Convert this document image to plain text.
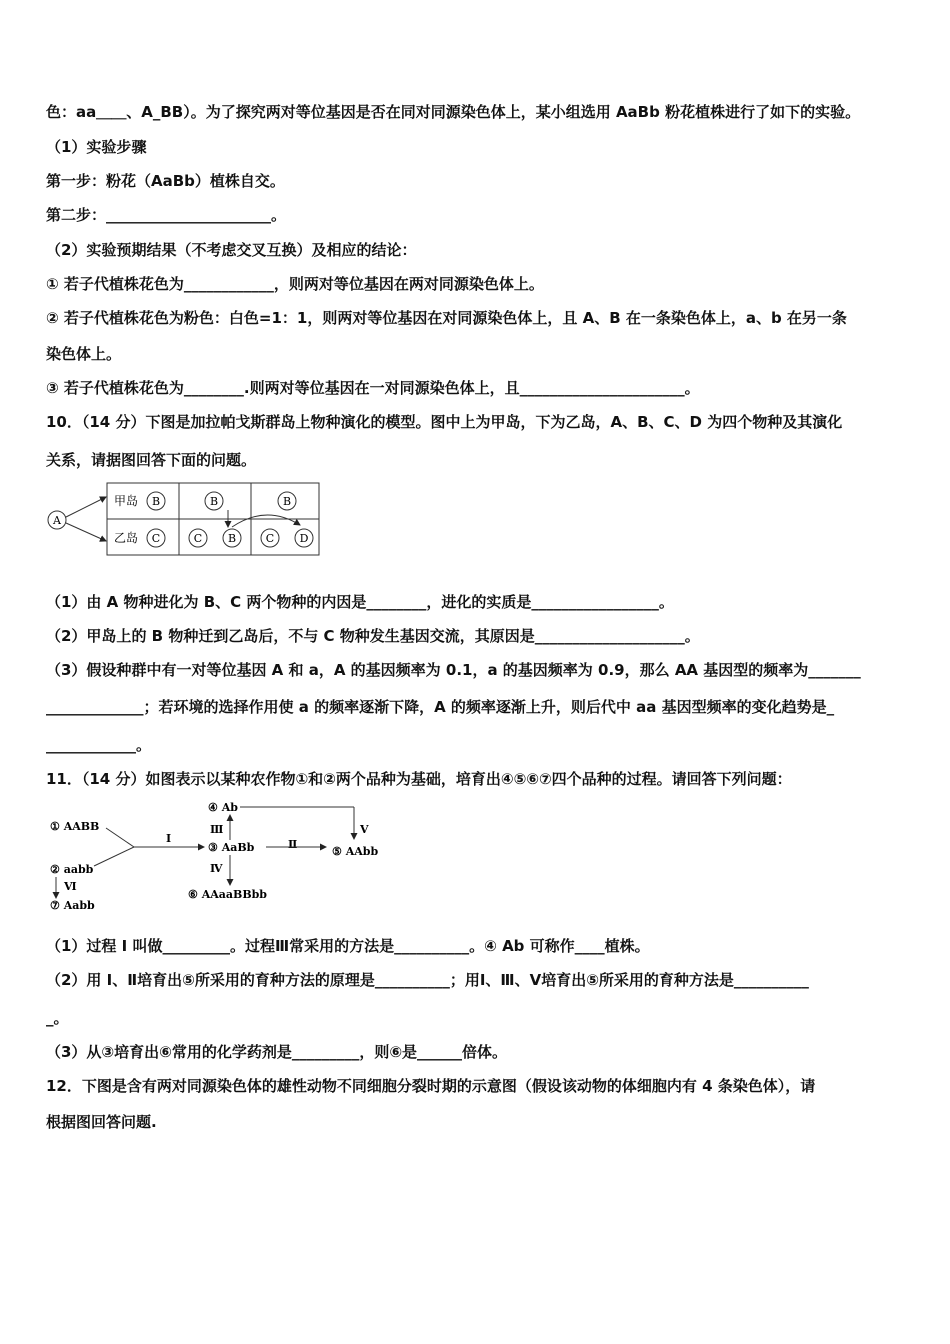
色：aa＿＿、A_BB）。为了探究两对等位基因是否在同对同源染色体上，某小组选用 AaBb 粉花植株进行了如下的实验。
（1）实验步骤
第一步：粉花（AaBb）植株自交。
第二步：______________________。
（2）实验预期结果（不考虑交叉互换）及相应的结论：
① 若子代植株花色为____________，则两对等位基因在两对同源染色体上。
② 若子代植株花色为粉色：白色=1：1，则两对等位基因在对同源染色体上，且 A、B 在一条染色体上，a、b 在另一条
染色体上。
③ 若子代植株花色为________.则两对等位基因在一对同源染色体上，且______________________。
10．（14 分）下图是加拉帕戈斯群岛上物种演化的模型。图中上为甲岛，下为乙岛，A、B、C、D 为四个物种及其演化
关系，请据图回答下面的问题。
A
甲岛
乙岛
B
C
B
C B
B
C D
（1）由 A 物种进化为 B、C 两个物种的内因是________，进化的实质是_________________。
（2）甲岛上的 B 物种迁到乙岛后，不与 C 物种发生基因交流，其原因是____________________。
（3）假设种群中有一对等位基因 A 和 a，A 的基因频率为 0.1，a 的基因频率为 0.9，那么 AA 基因型的频率为_______
_____________；若环境的选择作用使 a 的频率逐渐下降，A 的频率逐渐上升，则后代中 aa 基因型频率的变化趋势是_
____________。
11．（14 分）如图表示以某种农作物①和②两个品种为基础，培育出④⑤⑥⑦四个品种的过程。请回答下列问题：
① AABB
② aabb
⑦ Aabb
③ AaBb
④ Ab
⑤ AAbb
⑥ AAaaBBbb
Ⅰ	Ⅱ
Ⅲ
Ⅳ
Ⅴ
Ⅵ
（1）过程 I 叫做_________。过程Ⅲ常采用的方法是__________。④ Ab 可称作____植株。
（2）用 I、Ⅱ培育出⑤所采用的育种方法的原理是__________；用Ⅰ、Ⅲ、Ⅴ培育出⑤所采用的育种方法是__________
_。
（3）从③培育出⑥常用的化学药剂是_________，则⑥是______倍体。
12．下图是含有两对同源染色体的雄性动物不同细胞分裂时期的示意图（假设该动物的体细胞内有 4 条染色体），请
根据图回答问题.
